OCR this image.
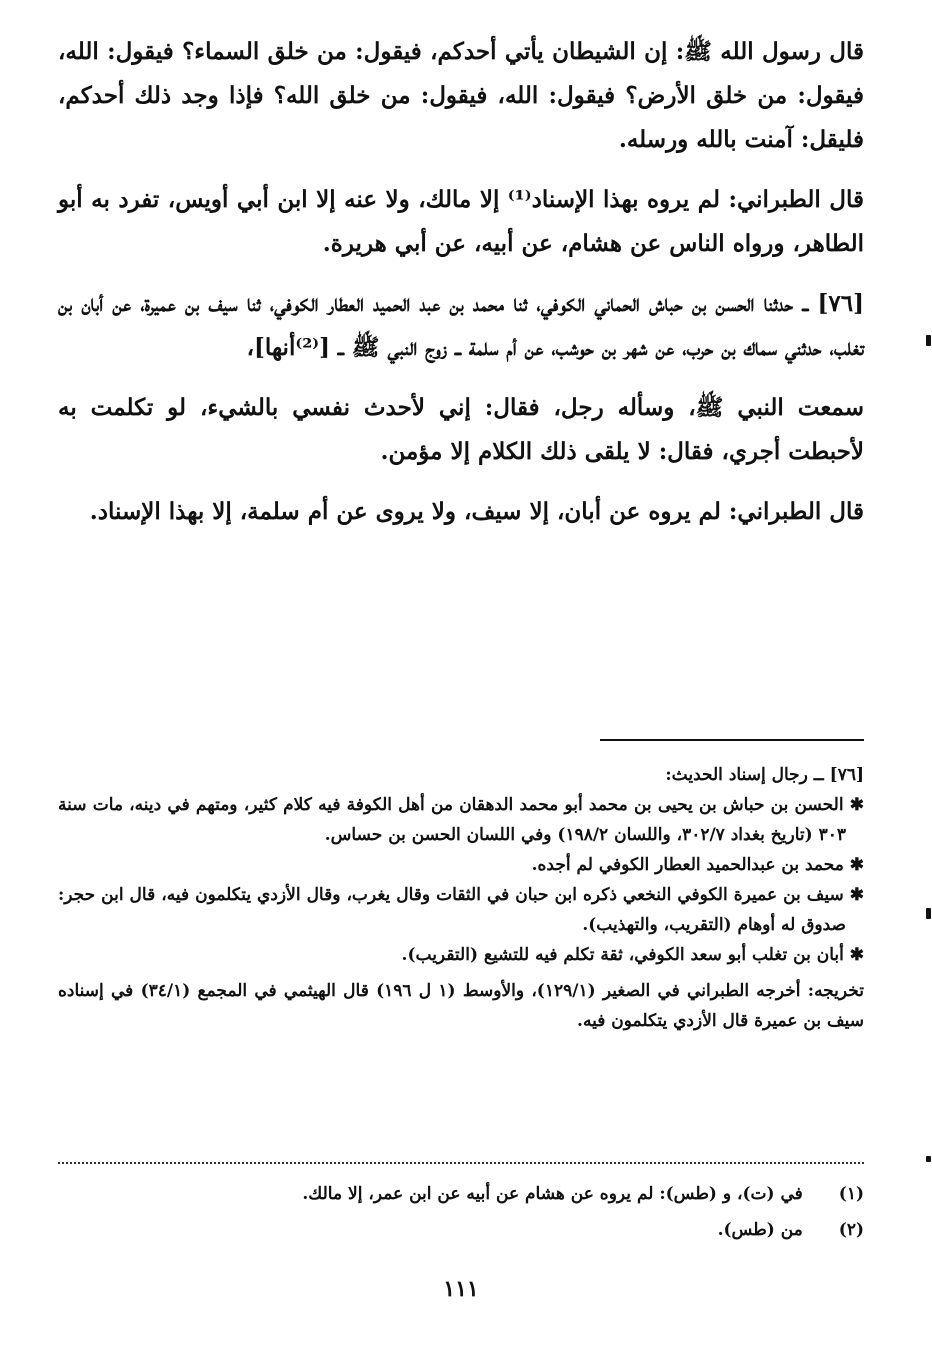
قال رسول الله ﷺ: إن الشيطان يأتي أحدكم، فيقول: من خلق السماء؟ فيقول: الله، فيقول: من خلق الأرض؟ فيقول: الله، فيقول: من خلق الله؟ فإذا وجد ذلك أحدكم، فليقل: آمنت بالله ورسله.

قال الطبراني: لم يروه بهذا الإسناد⁽¹⁾ إلا مالك، ولا عنه إلا ابن أبي أويس، تفرد به أبو الطاهر، ورواه الناس عن هشام، عن أبيه، عن أبي هريرة.

[٧٦] ــ حدثنا الحسن بن حباش الحماني الكوفي، ثنا محمد بن عبد الحميد العطار الكوفي، ثنا سيف بن عميرة، عن أبان بن تغلب، حدثني سماك بن حرب، عن شهر بن حوشب، عن أم سلمة ــ زوج النبي ﷺ ــ [⁽²⁾أنها]،

سمعت النبي ﷺ، وسأله رجل، فقال: إني لأحدث نفسي بالشيء، لو تكلمت به لأحبطت أجري، فقال: لا يلقى ذلك الكلام إلا مؤمن.

قال الطبراني: لم يروه عن أبان، إلا سيف، ولا يروى عن أم سلمة، إلا بهذا الإسناد.

[٧٦] ــ رجال إسناد الحديث:

✱ الحسن بن حباش بن يحيى بن محمد أبو محمد الدهقان من أهل الكوفة فيه كلام كثير، ومتهم في دينه، مات سنة ٣٠٣ (تاريخ بغداد ٣٠٢/٧، واللسان ١٩٨/٢) وفي اللسان الحسن بن حساس.

✱ محمد بن عبدالحميد العطار الكوفي لم أجده.

✱ سيف بن عميرة الكوفي النخعي ذكره ابن حبان في الثقات وقال يغرب، وقال الأزدي يتكلمون فيه، قال ابن حجر: صدوق له أوهام (التقريب، والتهذيب).

✱ أبان بن تغلب أبو سعد الكوفي، ثقة تكلم فيه للتشيع (التقريب).

تخريجه: أخرجه الطبراني في الصغير (١٢٩/١)، والأوسط (١ ل ١٩٦) قال الهيثمي في المجمع (٣٤/١) في إسناده سيف بن عميرة قال الأزدي يتكلمون فيه.

(١)
في (ت)، و (طس): لم يروه عن هشام عن أبيه عن ابن عمر، إلا مالك.
(٢)
من (طس).
١١١
